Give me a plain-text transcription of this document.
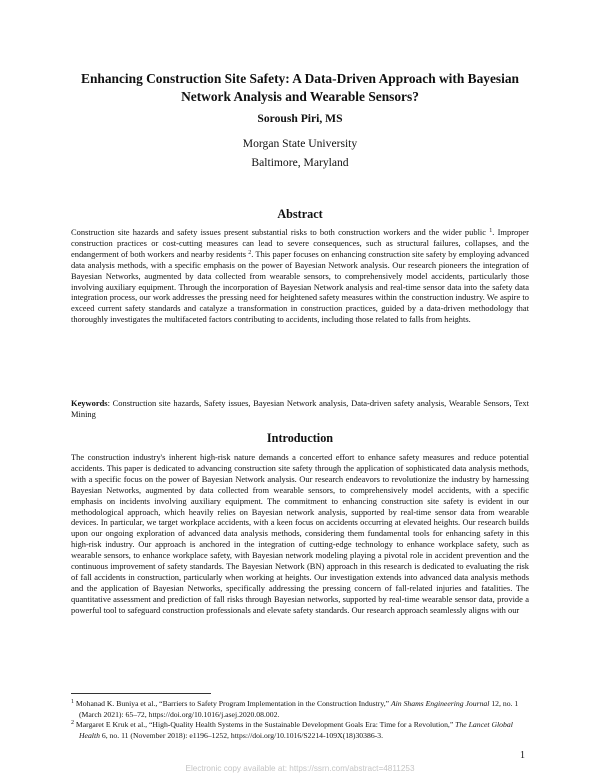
Enhancing Construction Site Safety: A Data-Driven Approach with Bayesian Network Analysis and Wearable Sensors?
Soroush Piri, MS
Morgan State University
Baltimore, Maryland
Abstract

Construction site hazards and safety issues present substantial risks to both construction workers and the wider public $^1$. Improper construction practices or cost-cutting measures can lead to severe consequences, such as structural failures, collapses, and the endangerment of both workers and nearby residents $^2$. This paper focuses on enhancing construction site safety by employing advanced data analysis methods, with a specific emphasis on the power of Bayesian Network analysis. Our research pioneers the integration of Bayesian Networks, augmented by data collected from wearable sensors, to comprehensively model accidents, particularly those involving auxiliary equipment. Through the incorporation of Bayesian Network analysis and real-time sensor data into the safety data integration process, our work addresses the pressing need for heightened safety measures within the construction industry. We aspire to exceed current safety standards and catalyze a transformation in construction practices, guided by a data-driven methodology that thoroughly investigates the multifaceted factors contributing to accidents, including those related to falls from heights.

Keywords: Construction site hazards, Safety issues, Bayesian Network analysis, Data-driven safety analysis, Wearable Sensors, Text Mining

Introduction

The construction industry's inherent high-risk nature demands a concerted effort to enhance safety measures and reduce potential accidents. This paper is dedicated to advancing construction site safety through the application of sophisticated data analysis methods, with a specific focus on the power of Bayesian Network analysis. Our research endeavors to revolutionize the industry by harnessing Bayesian Networks, augmented by data collected from wearable sensors, to comprehensively model accidents, with a specific emphasis on incidents involving auxiliary equipment. The commitment to enhancing construction site safety is evident in our methodological approach, which heavily relies on Bayesian network analysis, supported by real-time sensor data from wearable devices. In particular, we target workplace accidents, with a keen focus on accidents occurring at elevated heights. Our research builds upon our ongoing exploration of advanced data analysis methods, considering them fundamental tools for enhancing safety in this high-risk industry. Our approach is anchored in the integration of cutting-edge technology to enhance workplace safety, such as wearable sensors, to enhance workplace safety, with Bayesian network modeling playing a pivotal role in accident prevention and the continuous improvement of safety standards. The Bayesian Network (BN) approach in this research is dedicated to evaluating the risk of fall accidents in construction, particularly when working at heights. Our investigation extends into advanced data analysis methods and the application of Bayesian Networks, specifically addressing the pressing concern of fall-related injuries and fatalities. The quantitative assessment and prediction of fall risks through Bayesian networks, supported by real-time wearable sensor data, provide a powerful tool to safeguard construction professionals and elevate safety standards. Our research approach seamlessly aligns with our

$^1$ Mohanad K. Buniya et al., “Barriers to Safety Program Implementation in the Construction Industry,” Ain Shams Engineering Journal 12, no. 1 (March 2021): 65–72, https://doi.org/10.1016/j.asej.2020.08.002.
$^2$ Margaret E Kruk et al., “High-Quality Health Systems in the Sustainable Development Goals Era: Time for a Revolution,” The Lancet Global Health 6, no. 11 (November 2018): e1196–1252, https://doi.org/10.1016/S2214-109X(18)30386-3.
1
Electronic copy available at: https://ssrn.com/abstract=4811253
